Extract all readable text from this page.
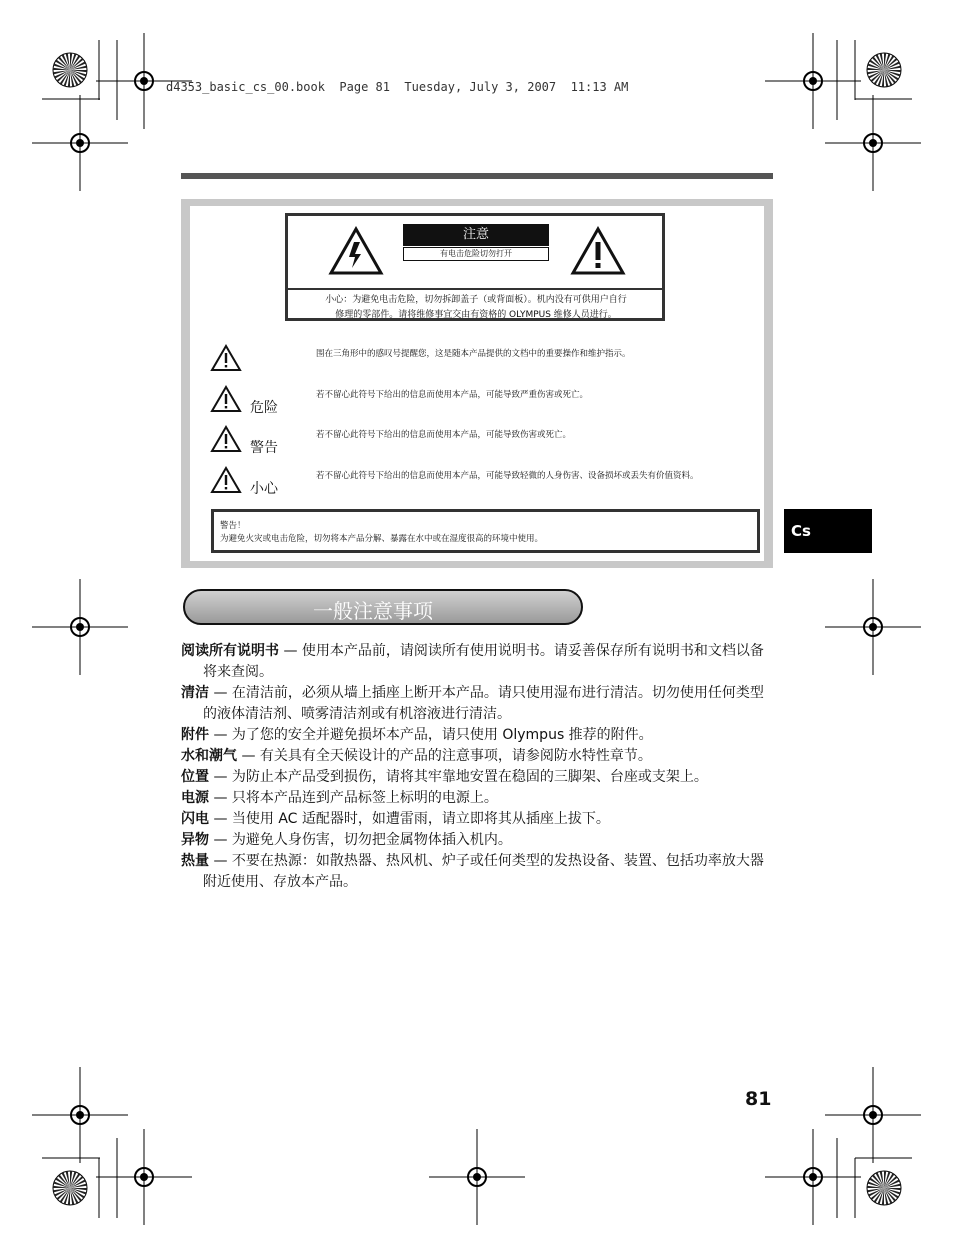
d4353_basic_cs_00.book  Page 81  Tuesday, July 3, 2007  11:13 AM
注意
有电击危险切勿打开
小心：为避免电击危险，切勿拆卸盖子（或背面板）。机内没有可供用户自行
修理的零部件。请将维修事宜交由有资格的 OLYMPUS 维修人员进行。
围在三角形中的感叹号提醒您，这是随本产品提供的文档中的重要操作和维护指示。
危险
若不留心此符号下给出的信息而使用本产品，可能导致严重伤害或死亡。
警告
若不留心此符号下给出的信息而使用本产品，可能导致伤害或死亡。
小心
若不留心此符号下给出的信息而使用本产品，可能导致轻微的人身伤害、设备损坏或丢失有价值资料。
警告！
为避免火灾或电击危险，切勿将本产品分解、暴露在水中或在湿度很高的环境中使用。	Cs
一般注意事项

阅读所有说明书 — 使用本产品前，请阅读所有使用说明书。请妥善保存所有说明书和文档以备将来查阅。

清洁 — 在清洁前，必须从墙上插座上断开本产品。请只使用湿布进行清洁。切勿使用任何类型的液体清洁剂、喷雾清洁剂或有机溶液进行清洁。

附件 — 为了您的安全并避免损坏本产品，请只使用 Olympus 推荐的附件。

水和潮气 — 有关具有全天候设计的产品的注意事项，请参阅防水特性章节。

位置 — 为防止本产品受到损伤，请将其牢靠地安置在稳固的三脚架、台座或支架上。

电源 — 只将本产品连到产品标签上标明的电源上。

闪电 — 当使用 AC 适配器时，如遭雷雨，请立即将其从插座上拔下。

异物 — 为避免人身伤害，切勿把金属物体插入机内。

热量 — 不要在热源：如散热器、热风机、炉子或任何类型的发热设备、装置、包括功率放大器附近使用、存放本产品。

81
